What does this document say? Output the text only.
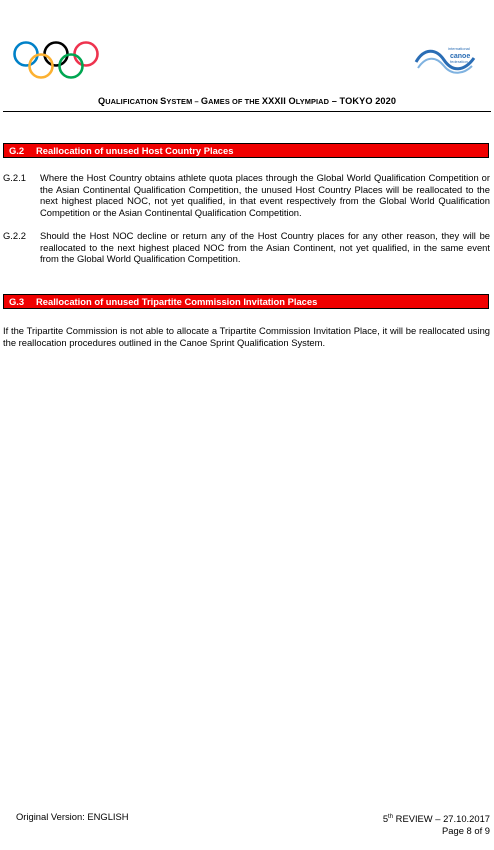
international
canoe
federation
QUALIFICATION SYSTEM – GAMES OF THE XXXII OLYMPIAD – TOKYO 2020
G.2 Reallocation of unused Host Country Places
G.2.1 Where the Host Country obtains athlete quota places through the Global World Qualification Competition or the Asian Continental Qualification Competition, the unused Host Country Places will be reallocated to the next highest placed NOC, not yet qualified, in that event respectively from the Global World Qualification Competition or the Asian Continental Qualification Competition.
G.2.2 Should the Host NOC decline or return any of the Host Country places for any other reason, they will be reallocated to the next highest placed NOC from the Asian Continent, not yet qualified, in the same event from the Global World Qualification Competition.
G.3 Reallocation of unused Tripartite Commission Invitation Places
If the Tripartite Commission is not able to allocate a Tripartite Commission Invitation Place, it will be reallocated using the reallocation procedures outlined in the Canoe Sprint Qualification System.
Original Version: ENGLISH	5th REVIEW – 27.10.2017
Page 8 of 9
